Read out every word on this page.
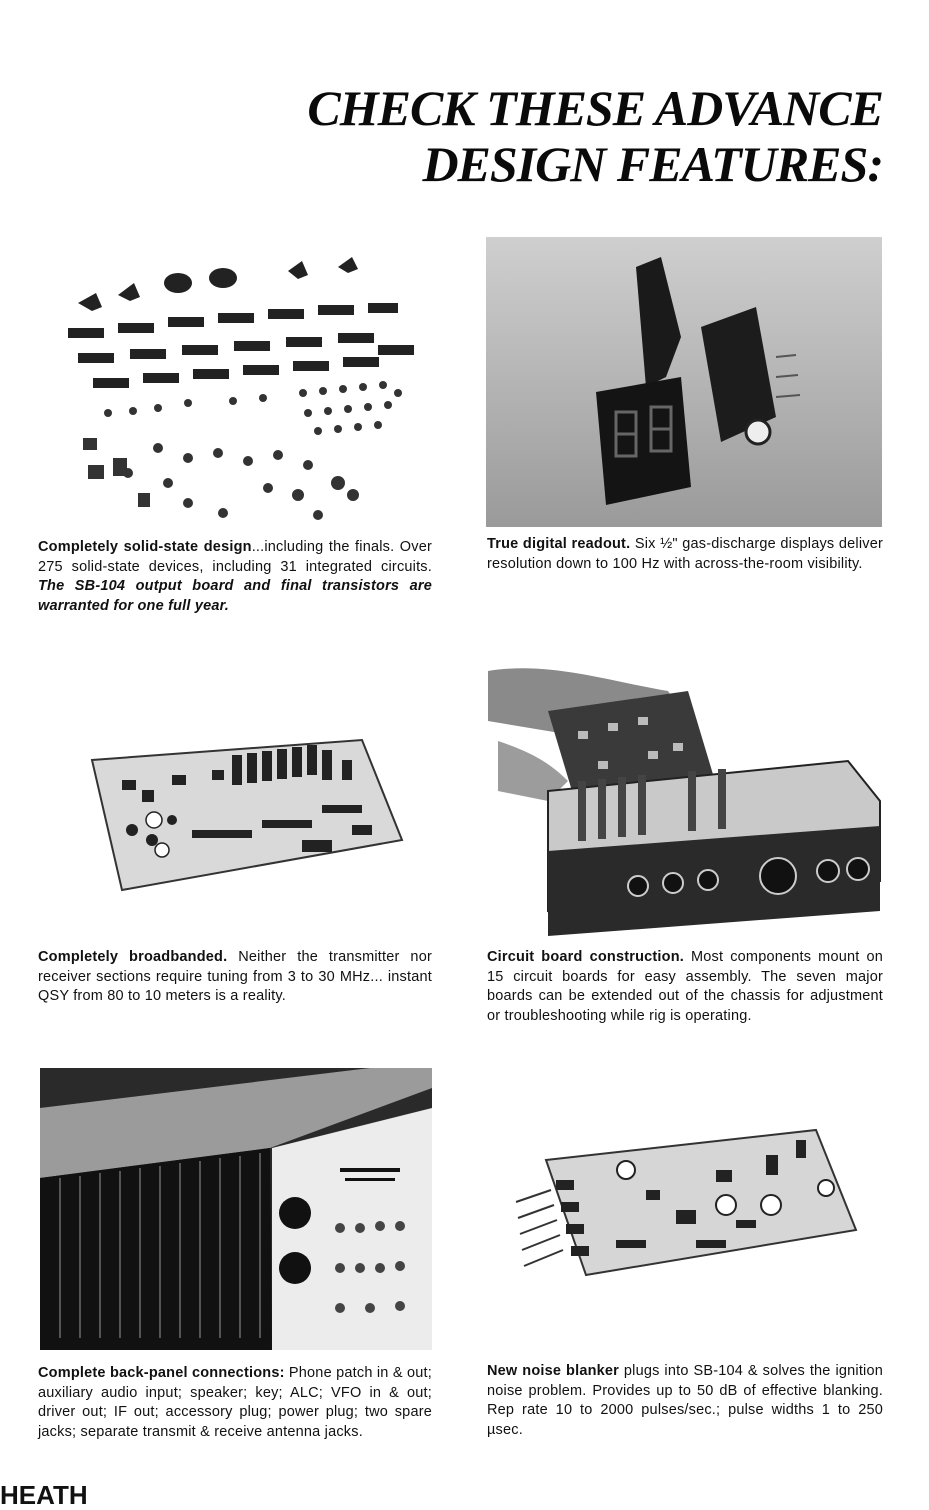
CHECK THESE ADVANCE
DESIGN FEATURES:
Completely solid-state design...including the finals. Over 275 solid-state devices, including 31 integrated circuits. The SB-104 output board and final transistors are warranted for one full year.
True digital readout. Six ½" gas-discharge displays deliver resolution down to 100 Hz with across-the-room visibility.
Completely broadbanded. Neither the transmitter nor receiver sections require tuning from 3 to 30 MHz... instant QSY from 80 to 10 meters is a reality.
Circuit board construction. Most components mount on 15 circuit boards for easy assembly. The seven major boards can be extended out of the chassis for adjustment or troubleshooting while rig is operating.
Complete back-panel connections: Phone patch in & out; auxiliary audio input; speaker; key; ALC; VFO in & out; driver out; IF out; accessory plug; power plug; two spare jacks; separate transmit & receive antenna jacks.
New noise blanker plugs into SB-104 & solves the ignition noise problem. Provides up to 50 dB of effective blanking. Rep rate 10 to 2000 pulses/sec.; pulse widths 1 to 250 µsec.
HEATH
